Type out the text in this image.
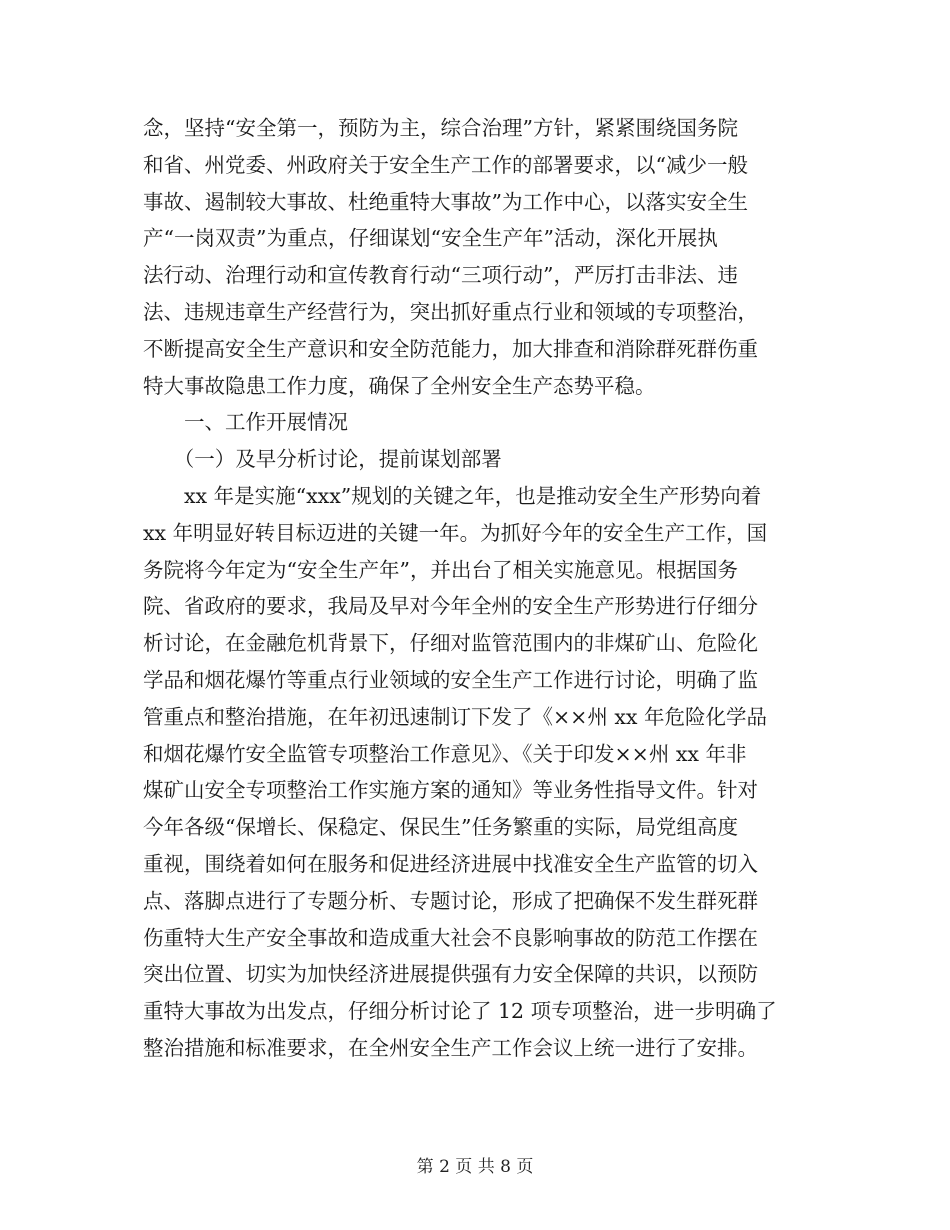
念，坚持“安全第一，预防为主，综合治理”方针，紧紧围绕国务院
和省、州党委、州政府关于安全生产工作的部署要求，以“减少一般
事故、遏制较大事故、杜绝重特大事故”为工作中心，以落实安全生
产“一岗双责”为重点，仔细谋划“安全生产年”活动，深化开展执
法行动、治理行动和宣传教育行动“三项行动”，严厉打击非法、违
法、违规违章生产经营行为，突出抓好重点行业和领域的专项整治，
不断提高安全生产意识和安全防范能力，加大排查和消除群死群伤重
特大事故隐患工作力度，确保了全州安全生产态势平稳。
　　一、工作开展情况
　　（一）及早分析讨论，提前谋划部署
　　xx 年是实施“xxx”规划的关键之年，也是推动安全生产形势向着
xx 年明显好转目标迈进的关键一年。为抓好今年的安全生产工作，国
务院将今年定为“安全生产年”，并出台了相关实施意见。根据国务
院、省政府的要求，我局及早对今年全州的安全生产形势进行仔细分
析讨论，在金融危机背景下，仔细对监管范围内的非煤矿山、危险化
学品和烟花爆竹等重点行业领域的安全生产工作进行讨论，明确了监
管重点和整治措施，在年初迅速制订下发了《××州 xx 年危险化学品
和烟花爆竹安全监管专项整治工作意见》、《关于印发××州 xx 年非
煤矿山安全专项整治工作实施方案的通知》等业务性指导文件。针对
今年各级“保增长、保稳定、保民生”任务繁重的实际，局党组高度
重视，围绕着如何在服务和促进经济进展中找准安全生产监管的切入
点、落脚点进行了专题分析、专题讨论，形成了把确保不发生群死群
伤重特大生产安全事故和造成重大社会不良影响事故的防范工作摆在
突出位置、切实为加快经济进展提供强有力安全保障的共识，以预防
重特大事故为出发点，仔细分析讨论了 12 项专项整治，进一步明确了
整治措施和标准要求，在全州安全生产工作会议上统一进行了安排。
第 2 页 共 8 页
